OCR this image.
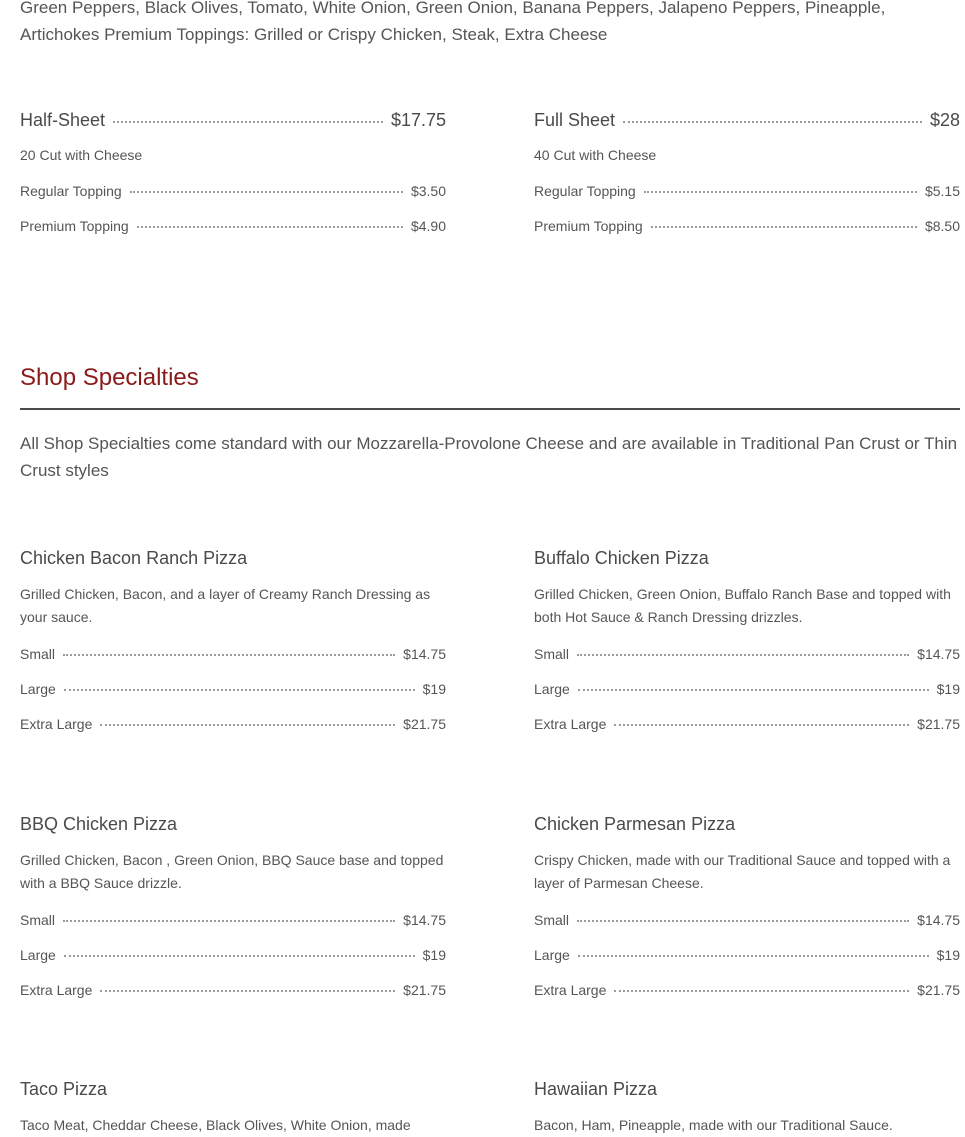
Green Peppers, Black Olives, Tomato, White Onion, Green Onion, Banana Peppers, Jalapeno Peppers, Pineapple, Artichokes Premium Toppings: Grilled or Crispy Chicken, Steak, Extra Cheese
Half-Sheet	$17.75
20 Cut with Cheese
Regular Topping	$3.50
Premium Topping	$4.90
Full Sheet	$28
40 Cut with Cheese
Regular Topping	$5.15
Premium Topping	$8.50
Shop Specialties
All Shop Specialties come standard with our Mozzarella-Provolone Cheese and are available in Traditional Pan Crust or Thin Crust styles
Chicken Bacon Ranch Pizza
Grilled Chicken, Bacon, and a layer of Creamy Ranch Dressing as your sauce.
Small	$14.75
Large	$19
Extra Large	$21.75
Buffalo Chicken Pizza
Grilled Chicken, Green Onion, Buffalo Ranch Base and topped with both Hot Sauce & Ranch Dressing drizzles.
Small	$14.75
Large	$19
Extra Large	$21.75
BBQ Chicken Pizza
Grilled Chicken, Bacon , Green Onion, BBQ Sauce base and topped with a BBQ Sauce drizzle.
Small	$14.75
Large	$19
Extra Large	$21.75
Chicken Parmesan Pizza
Crispy Chicken, made with our Traditional Sauce and topped with a layer of Parmesan Cheese.
Small	$14.75
Large	$19
Extra Large	$21.75
Taco Pizza
Taco Meat, Cheddar Cheese, Black Olives, White Onion, made
Hawaiian Pizza
Bacon, Ham, Pineapple, made with our Traditional Sauce.
